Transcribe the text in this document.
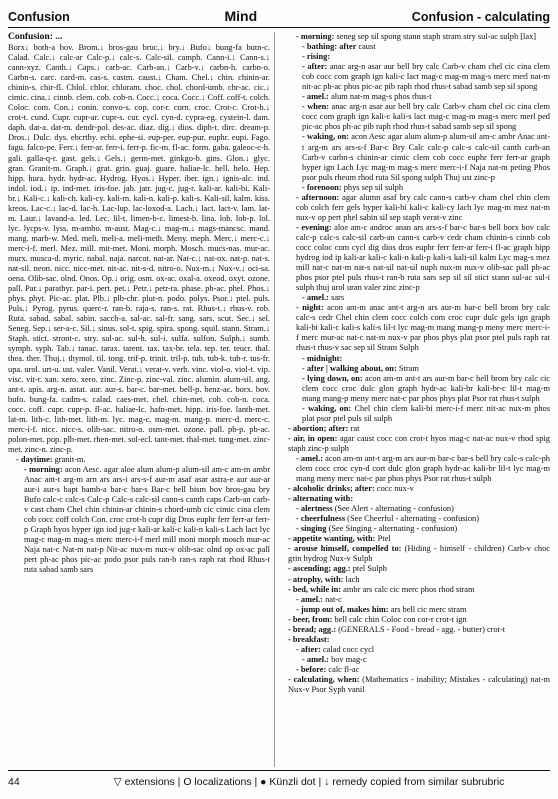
Confusion	Mind	Confusion - calculating

Confusion: ...

Borx↓ both-a bov. Brom.↓ bros-gau bruc.↓ bry.↓ Bufo↓ bung-fa butn-c. Calad. Calc.↓ calc-ar Calc-p.↓ calc-s. Calc-sil. camph. Cann-i.↓ Cann-s.↓ cann-xyz. Canth.↓ Caps.↓ carb-ac. Carb-an.↓ Carb-v.↓ carbn-h. carbn-o. Carbn-s. carc. card-m. cas-s. castm. caust.↓ Cham. Chel.↓ chin. chinin-ar. chinin-s. chir-fl. Chlol. chlor. chloram. choc. chol. chord-umb. chr-ac. cic.↓ cimic. cina.↓ cinnb. clem. cob. cob-n. Cocc.↓ coca. Cocc.↓ Coff. coff-t. colch. Coloc. com. Con.↓ conin. convo-s. cop. cor-r. corn. croc. Crot-c. Crot-h.↓ crot-t. cund. Cupr. cupr-ar. cupr-s. cur. cycl. cyn-d. cypra-eg. cystein-l. dam. daph. dat-a. dat-m. dendr-pol. des-ac. diaz. dig.↓ dios. diph-t. dirc. dream-p. Dros.↓ Dulc. dys. ebcrthy. echi. ephe-si. eup-per. eup-pur. euphr. eupi. Fago. fagu. falco-pe. Ferr.↓ ferr-ar. ferr-i. ferr-p. fic-m. fl-ac. form. gaba. galeoc-c-h. gali. galla-q-r. gast. gels.↓ Gels.↓ germ-met. ginkgo-b. gins. Glon.↓ glyc. gran. Granit-m. Graph.↓ grat. grin. guaj. guare. haliae-lc. hell. helo. Hep. hipp. hura. hydr. hydr-ac. Hydrog. Hyos.↓ Hyper. iber. ign.↓ ignis-alc. ind. indol. iod.↓ ip. ind-met. iris-foe. jab. jatr. jug-c. jug-r. kali-ar. kali-bi. Kali-br.↓ Kali-c.↓ kali-ch. kali-cy. kali-m. kali-n. kali-p. kali-s. Kali-sil. kalm. kiss. kreos. Lac-c.↓ lac-d. lac-h. Lac-lup. lac-loxod-a. Lach.↓ lact. lact-v. lam. lat-m. Laur.↓ lavand-a. led. Lec. lil-t. limen-b-c. limest-b. lina. lob. lob-p. lol. lyc. lycps-v. lyss. m-ambo. m-aust. Mag-c.↓ mag-m.↓ mags-mancsc. mand. mang. marb-w. Med. meli. meli-a. meli-meth. Meny. meph. Merc.↓ merc-c.↓ merc-i-f. merl. Mez. mill. mit-met. Moni. morph. Mosch. mucs-nas. mur-ac. murx. musca-d. myric. nabal. naja. narcot. nat-ar. Nat-c.↓ nat-ox. nat-p. nat-s. nat-sil. neon. nicc. nicc-met. nit-ac. nit-s-d. nitro-o. Nux-m.↓ Nux-v.↓ oci-sa. oena. Olib-sac. olnd. Onos. Op.↓ orig. osm. ox-ac. oxal-a. oxeod. oxyt. ozone. pall. Par.↓ parathyr. par-i. pert. pet.↓ Petr.↓ petr-ra. phase. ph-ac. phel. Phos.↓ phys. phyt. Pic-ac. plat. Plb.↓ plb-chr. plut-n. podo. polys. Psor.↓ ptel. puls. Puls.↓ Pyrog. pyrus. querc-r. ran-b. raja-s. ran-s. rat. Rhus-t.↓ rhus-v. rob. Ruta. sabad. sabal. sabin. sacch-a. sal-ac. sal-fr. sang. sars. scut. Sec.↓ sel. Seneg. Sep.↓ ser-a-c. Sil.↓ sinus. sol-t. spig. spira. spong. squil. stann. Stram.↓ Staph. stict. stront-c. stry. sul-ac. sul-h. sul-i. sulfa. sulfon. Sulph.↓ sumb. symph. syph. Tab.↓ tanac. tarax. tarent. tax. tax-br. tela. tep. ter. teucr. thal. thea. ther. Thuj.↓ thymol. til. tong. trif-p. trinit. tril-p. tub. tub-k. tub-r. tus-fr. upa. urol. urt-u. ust. valer. Vanil. Verat.↓ verat-v. verb. vinc. viol-o. viol-t. vip. visc. vit-r. xan. xero. xero. zinc. Zinc-p. zinc-val. zinc. alumin. alum-sil. ang. ant-t. apis. arg-n. astat. aur. aur-s. bar-c. bar-met. bell-p. benz-ac. borx. bov. bufo. bung-fa. cadm-s. calad. caes-met. chel. chin-met. cob. cob-n. coca. cocc. coff. cupr. cupr-p. fl-ac. haliae-lc. hafn-met. hipp. iris-foe. lanth-met. lat-m. lith-c. lith-met. lith-m. lyc. mag-c. mag-m. mang-p. merc-d. merc-c. merc-i-f. nicc. nicc-s. olib-sac. nitro-o. osm-met. ozone. pall. pb-p. pb-ac. polon-met. pop. plb-met. rhen-met. sol-ecl. tant-met. thal-met. tung-met. zinc-met. zinc-n. zinc-p.

- daytime: granit-m.

- morning: acon Aesc. agar aloe alum alum-p alum-sil am-c am-m ambr Anac ant-t arg-m arn ars ars-i ars-s-f aur-m asaf asar astra-e aur aur-ar aur-i aur-s bapt bamb-a bar-c bar-s Bar-c bell bism bov bros-gau bry Bufo calc-c calc-s Calc-p Calc-s calc-sil cann-s canth caps Carb-an carb-v cast cham Chel chin chinin-ar chinin-s chord-umb cic cimic cina clem cob cocc coff colch Con. croc crot-h cupr dig Dros euphr ferr ferr-ar ferr-p Graph hyos hyper ign iod jug-r kali-ar kali-c kali-n kali-s Lach lact lyc mag-c mag-m mag-s merc merc-i-f merl mill moni morph mosch mur-ac Naja nat-c Nat-m nat-p Nit-ac nux-m nux-v olib-sac olnd op ox-ac pall pert ph-ac phos pic-ac podo psor puls ran-b ran-s raph rat rhod Rhus-t ruta sabad samb sars

- morning: seneg sep sil spong stann staph stram stry sul-ac sulph [lax]

- bathing: after caust

- rising:

- after: anac arg-n asar aur bell bry calc Carb-v cham chel cic cina clem cob cocc com graph ign kali-c lact mag-c mag-m mag-s merc merl nat-m nit-ac ph-ac phos pic-ac pib raph rhod rhus-t sabad samb sep sil spong

- amel.: alum nat-m mag-s phos rhus-t

- when: anac arg-n asar aur bell bry calc Carb-v cham chel cic cina clem cocc com graph ign kali-c kali-s lact mag-c mag-m mag-s merc merl ped pic-ac phos ph-ac pib raph rhod rhus-t sabad samb sep sil spong

- waking, on: acon Aesc agar alum alum-p alum-sil am-c ambr Anac ant-t arg-m ars ars-s-f Bar-c Bry Calc calc-p calc-s calc-sil canth carb-an Carb-v carbn-s chinin-ar cimic clem cob cocc euphr ferr ferr-ar graph hyper ign Lach Lyc mag-m mag-s merc merc-i-f Naja nat-m peting Phos psor puls rheum rhod ruta Sil spong sulph Thuj ust zinc-p

- forenoon: phys sep sil sulph

- afternoon: agar alumn asaf bry calc cann-s carb-v cham chel chin clem cob colch ferr gels hyper kali-bi kali-c kali-cy lach lyc mag-m mez nat-m nux-v op pert phel sabin sil sep staph verat-v zinc

- evening: aloe am-c androc anan ars ars-s-f bar-c bar-s bell borx bov calc calc-p calc-s calc-sil carb-an cann-s carb-v cedr cham chinin-s cinnb cob cocc coloc com cycl dig dios dros euphr ferr ferr-ar ferr-i fl-ac graph hipp hydrog iod ip kali-ar kali-c kali-n kali-p kali-s kali-sil kalm Lyc mag-s mez mill nat-c nat-m nat-s nat-sil nat-sil nuph nux-m nux-v olib-sac pall ph-ac phos psor ptel puls rhus-t ran-b ruta sars sep sil sil stict stann sul-ac sul-i sulph thuj urol uran valer zinc zinc-p

- amel.: sars

- night: acon am-m anac ant-t arg-n ars aur-m bar-c bell brom bry calc calc-s cedr Chel chin clem cocc colch com croc cupr dulc gels ign graph kali-bi kali-c kali-s kali-s lil-t lyc mag-m mang mang-p meny merc merc-i-f merc mur-ac nat-c nat-m nux-v par phos phys plat psor ptel puls raph rat rhus-t rhus-v sac sep sil Stram Sulph

- midnight:

- after | walking about, on: Stram

- lying down, on: acon am-m ant-t ars aur-m bar-c bell brom bry calc cic clem cocc croc dulc glon graph hydr-ac kali-br kali-br-c lil-t mag-m mang mang-p meny merc nat-c par phos phys plat Psor rat rhus-t sulph

- waking, on: Chel chin clem kali-bi merc-i-f merc nit-ac nux-m phos plat psor ptel puls sil sulph

- abortion; after: rat

- air, in open: agar caust cocc con crot-t hyos mag-c nat-ac nux-v rhod spig staph zinc-p sulph

- amel.: acon am-m ant-t arg-m ars aur-m bar-c bar-s bell bry calc-s calc-ph clem cocc croc cyn-d cort dulc glon graph hydr-ac kali-br lil-t lyc mag-m mang meny merc nat-c par phos phys Psor rat rhus-t sulph

- alcoholic drinks; after: cocc nux-v

- alternating with:

- alertness (See Alert - alternating - confusion)

- cheerfulness (See Cheerful - alternating - confusion)

- singing (See Singing - alternating - confusion)

- appetite wanting, with: Ptel

- arouse himself, compelled to: (Hiding - himself - children) Carb-v choc grin hydrog Nux-v Sulph

- ascending; agg.: ptel Sulph

- atrophy, with: lach

- bed, while in: ambr ars calc cic merc phos rhod stram

- amel.: nat-c

- jump out of, makes him: ars bell cic merc stram

- beer, from: bell calc chin Coloc con cor-r crot-t ign

- bread; agg.: (GENERALS - Food - bread - agg. - butter) crot-t

- breakfast:

- after: calad cocc cycl

- amel.: bov mag-c

- before: calc fl-ac

- calculating, when: (Mathematics - inability; Mistakes - calculating) nat-m Nux-v Psor Syph vanil

44	▽ extensions | O localizations | ● Künzli dot | ↓ remedy copied from similar subrubric
